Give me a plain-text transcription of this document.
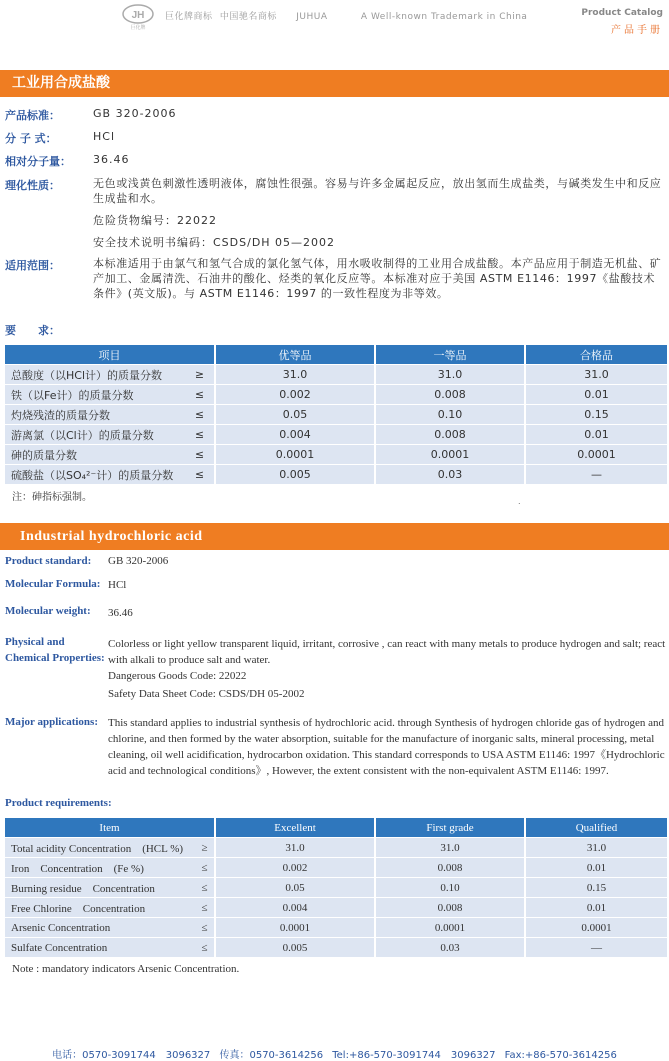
JH
巨化牌
巨化牌商标 中国驰名商标 JUHUA	A Well-known Trademark in China	Product Catalog
产品手册
工业用合成盐酸
产品标准：	GB 320-2006
分 子 式：	HCl
相对分子量： 36.46
理化性质：	无色或浅黄色刺激性透明液体，腐蚀性很强。容易与许多金属起反应，放出氢而生成盐类，与碱类发生中和反应生成盐和水。
危险货物编号：22022
安全技术说明书编码：CSDS/DH 05—2002
适用范围：	本标准适用于由氯气和氢气合成的氯化氢气体，用水吸收制得的工业用合成盐酸。本产品应用于制造无机盐、矿产加工、金属清洗、石油井的酸化、烃类的氧化反应等。本标准对应于美国 ASTM E1146：1997《盐酸技术条件》(英文版)。与 ASTM E1146：1997 的一致性程度为非等效。
要　　求：
项目		优等品	一等品	合格品
总酸度（以HCl计）的质量分数	≥	31.0	31.0	31.0
铁（以Fe计）的质量分数	≤	0.002	0.008	0.01
灼烧残渣的质量分数	≤	0.05	0.10	0.15
游离氯（以Cl计）的质量分数	≤	0.004	0.008	0.01
砷的质量分数	≤	0.0001	0.0001	0.0001
硫酸盐（以SO₄²⁻计）的质量分数	≤	0.005	0.03	—
注：砷指标强制。	.
Industrial hydrochloric acid
Product standard: GB 320-2006
Molecular Formula: HCl
Molecular weight: 36.46
Physical and
Chemical Properties:
Colorless or light yellow transparent liquid, irritant, corrosive , can react with many metals to produce hydrogen and salt; react with alkali to produce salt and water.
Dangerous Goods Code: 22022
Safety Data Sheet Code: CSDS/DH 05-2002
Major applications: This standard applies to industrial synthesis of hydrochloric acid. through Synthesis of hydrogen chloride gas of hydrogen and chlorine, and then formed by the water absorption, suitable for the manufacture of inorganic salts, mineral processing, metal cleaning, oil well acidification, hydrocarbon oxidation. This standard corresponds to USA ASTM E1146: 1997《Hydrochloric acid and technological conditions》, However, the extent consistent with the non-equivalent ASTM E1146: 1997.
Product requirements:
Item		Excellent	First grade	Qualified
Total acidity Concentration　(HCL %)	≥	31.0	31.0	31.0
Iron　Concentration　(Fe %)	≤	0.002	0.008	0.01
Burning residue　Concentration	≤	0.05	0.10	0.15
Free Chlorine　Concentration	≤	0.004	0.008	0.01
Arsenic Concentration	≤	0.0001	0.0001	0.0001
Sulfate Concentration	≤	0.005	0.03	—
Note : mandatory indicators Arsenic Concentration.
电话：0570-3091744　3096327 传真：0570-3614256 Tel:+86-570-3091744　3096327 Fax:+86-570-3614256
